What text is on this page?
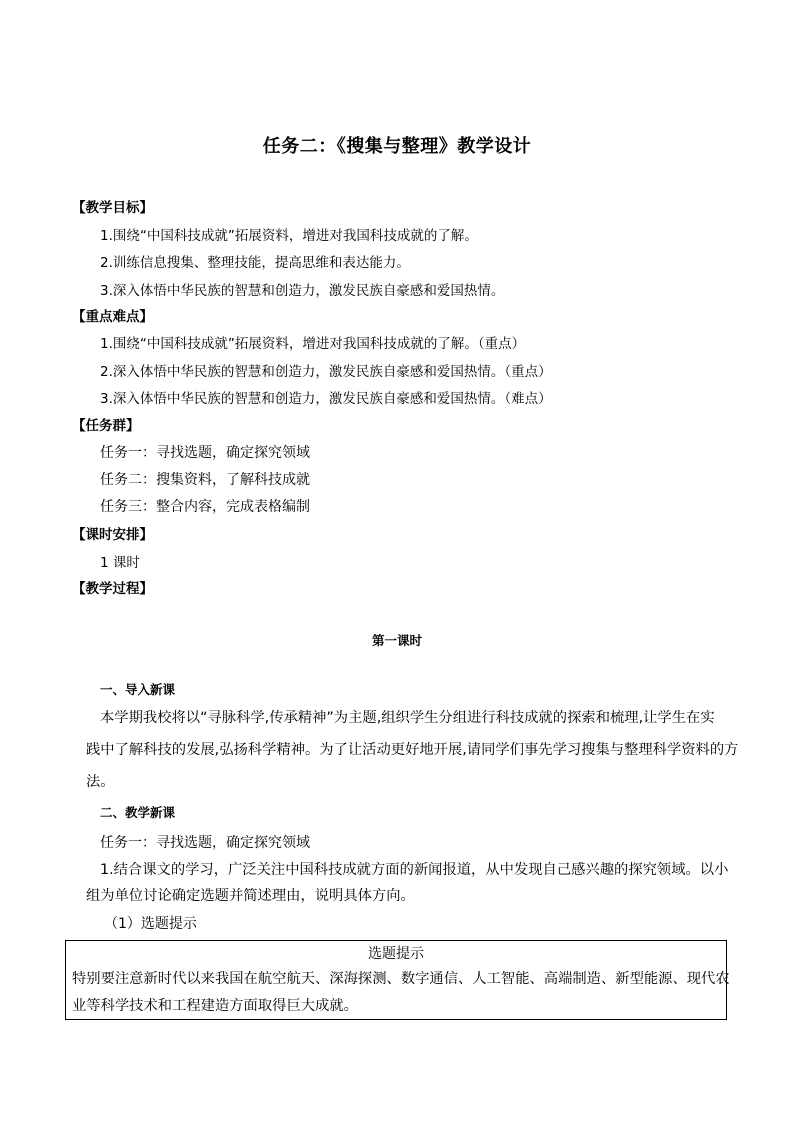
任务二：《搜集与整理》教学设计
【教学目标】
1.围绕“中国科技成就”拓展资料，增进对我国科技成就的了解。
2.训练信息搜集、整理技能，提高思维和表达能力。
3.深入体悟中华民族的智慧和创造力，激发民族自豪感和爱国热情。
【重点难点】
1.围绕“中国科技成就”拓展资料，增进对我国科技成就的了解。（重点）
2.深入体悟中华民族的智慧和创造力，激发民族自豪感和爱国热情。（重点）
3.深入体悟中华民族的智慧和创造力，激发民族自豪感和爱国热情。（难点）
【任务群】
任务一：寻找选题，确定探究领域
任务二：搜集资料，了解科技成就
任务三：整合内容，完成表格编制
【课时安排】
1 课时
【教学过程】
第一课时
一、导入新课
本学期我校将以“寻脉科学,传承精神”为主题,组织学生分组进行科技成就的探索和梳理,让学生在实
践中了解科技的发展,弘扬科学精神。为了让活动更好地开展,请同学们事先学习搜集与整理科学资料的方
法。
二、教学新课
任务一：寻找选题，确定探究领域
1.结合课文的学习，广泛关注中国科技成就方面的新闻报道，从中发现自己感兴趣的探究领域。以小
组为单位讨论确定选题并简述理由，说明具体方向。
（1）选题提示
选题提示
特别要注意新时代以来我国在航空航天、深海探测、数字通信、人工智能、高端制造、新型能源、现代农
业等科学技术和工程建造方面取得巨大成就。
